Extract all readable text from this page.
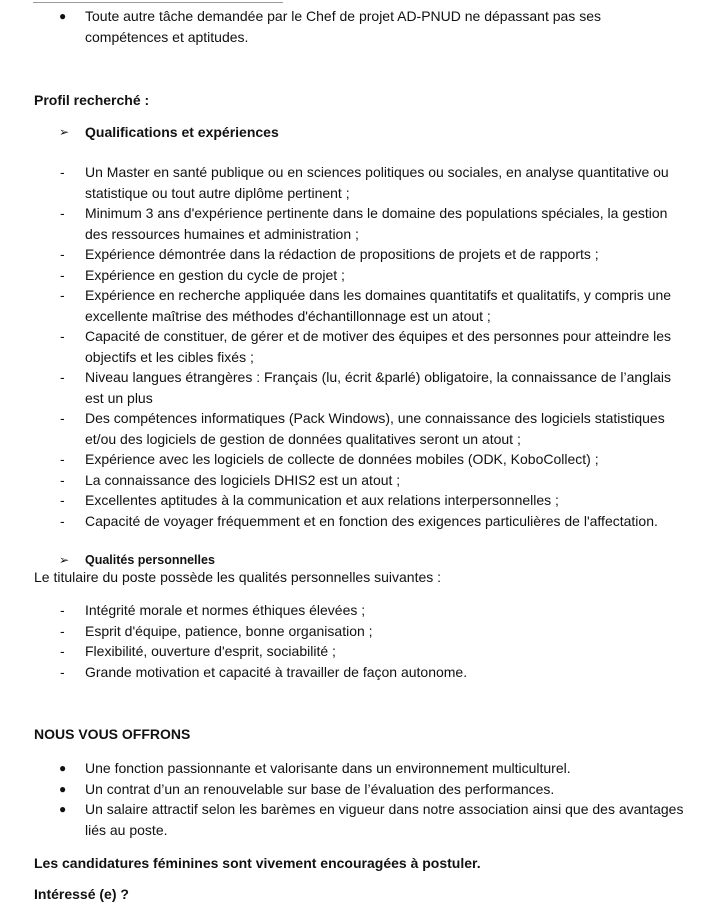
● Toute autre tâche demandée par le Chef de projet AD-PNUD ne dépassant pas ses compétences et aptitudes.
Profil recherché :
➢ Qualifications et expériences
- Un Master en santé publique ou en sciences politiques ou sociales, en analyse quantitative ou statistique ou tout autre diplôme pertinent ;
- Minimum 3 ans d'expérience pertinente dans le domaine des populations spéciales, la gestion des ressources humaines et administration ;
- Expérience démontrée dans la rédaction de propositions de projets et de rapports ;
- Expérience en gestion du cycle de projet ;
- Expérience en recherche appliquée dans les domaines quantitatifs et qualitatifs, y compris une excellente maîtrise des méthodes d'échantillonnage est un atout ;
- Capacité de constituer, de gérer et de motiver des équipes et des personnes pour atteindre les objectifs et les cibles fixés ;
- Niveau langues étrangères : Français (lu, écrit &parlé) obligatoire, la connaissance de l’anglais est un plus
- Des compétences informatiques (Pack Windows), une connaissance des logiciels statistiques et/ou des logiciels de gestion de données qualitatives seront un atout ;
- Expérience avec les logiciels de collecte de données mobiles (ODK, KoboCollect) ;
- La connaissance des logiciels DHIS2 est un atout ;
- Excellentes aptitudes à la communication et aux relations interpersonnelles ;
- Capacité de voyager fréquemment et en fonction des exigences particulières de l'affectation.
➢ Qualités personnelles
Le titulaire du poste possède les qualités personnelles suivantes :
- Intégrité morale et normes éthiques élevées ;
- Esprit d'équipe, patience, bonne organisation ;
- Flexibilité, ouverture d'esprit, sociabilité ;
- Grande motivation et capacité à travailler de façon autonome.
NOUS VOUS OFFRONS
● Une fonction passionnante et valorisante dans un environnement multiculturel.
● Un contrat d’un an renouvelable sur base de l’évaluation des performances.
● Un salaire attractif selon les barèmes en vigueur dans notre association ainsi que des avantages liés au poste.
Les candidatures féminines sont vivement encouragées à postuler.
Intéressé (e) ?
